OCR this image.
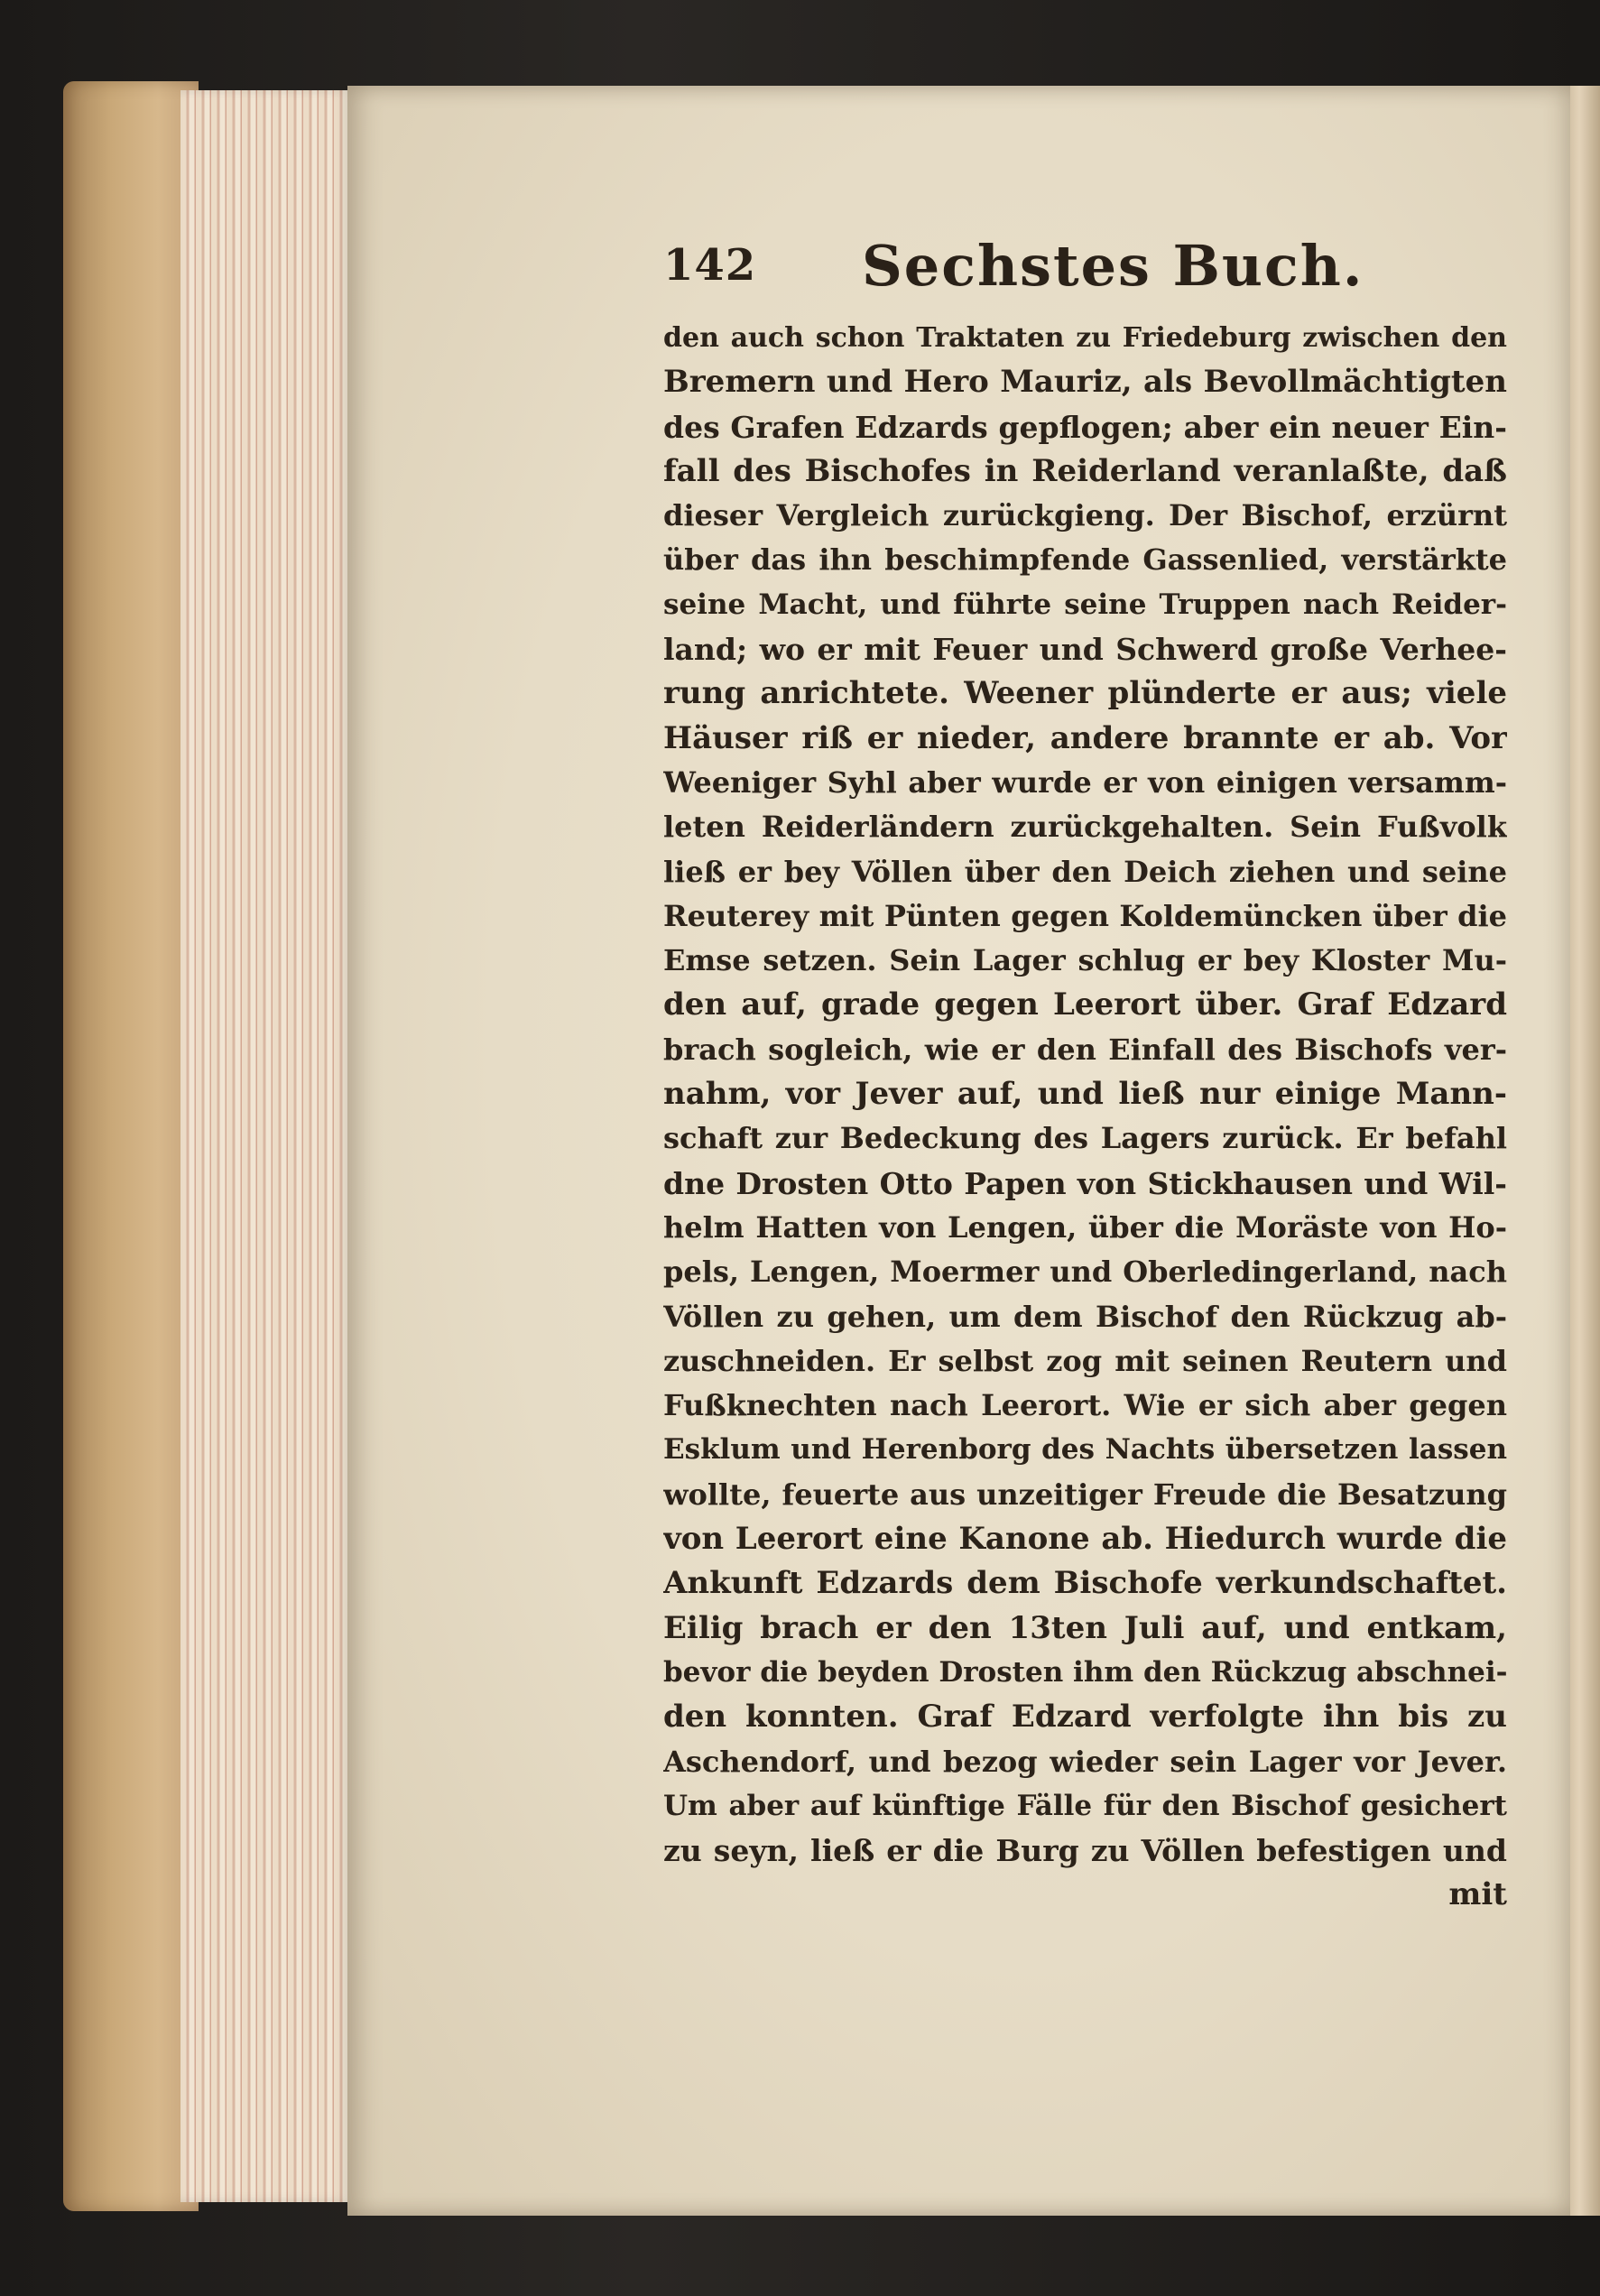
142 Sechstes Buch.
den auch schon Traktaten zu Friedeburg zwischen den
Bremern und Hero Mauriz, als Bevollmächtigten
des Grafen Edzards gepflogen; aber ein neuer Ein-
fall des Bischofes in Reiderland veranlaßte, daß
dieser Vergleich zurückgieng. Der Bischof, erzürnt
über das ihn beschimpfende Gassenlied, verstärkte
seine Macht, und führte seine Truppen nach Reider-
land; wo er mit Feuer und Schwerd große Verhee-
rung anrichtete. Weener plünderte er aus; viele
Häuser riß er nieder, andere brannte er ab. Vor
Weeniger Syhl aber wurde er von einigen versamm-
leten Reiderländern zurückgehalten. Sein Fußvolk
ließ er bey Völlen über den Deich ziehen und seine
Reuterey mit Pünten gegen Koldemüncken über die
Emse setzen. Sein Lager schlug er bey Kloster Mu-
den auf, grade gegen Leerort über. Graf Edzard
brach sogleich, wie er den Einfall des Bischofs ver-
nahm, vor Jever auf, und ließ nur einige Mann-
schaft zur Bedeckung des Lagers zurück. Er befahl
dne Drosten Otto Papen von Stickhausen und Wil-
helm Hatten von Lengen, über die Moräste von Ho-
pels, Lengen, Moermer und Oberledingerland, nach
Völlen zu gehen, um dem Bischof den Rückzug ab-
zuschneiden. Er selbst zog mit seinen Reutern und
Fußknechten nach Leerort. Wie er sich aber gegen
Esklum und Herenborg des Nachts übersetzen lassen
wollte, feuerte aus unzeitiger Freude die Besatzung
von Leerort eine Kanone ab. Hiedurch wurde die
Ankunft Edzards dem Bischofe verkundschaftet.
Eilig brach er den 13ten Juli auf, und entkam,
bevor die beyden Drosten ihm den Rückzug abschnei-
den konnten. Graf Edzard verfolgte ihn bis zu
Aschendorf, und bezog wieder sein Lager vor Jever.
Um aber auf künftige Fälle für den Bischof gesichert
zu seyn, ließ er die Burg zu Völlen befestigen und
mit
